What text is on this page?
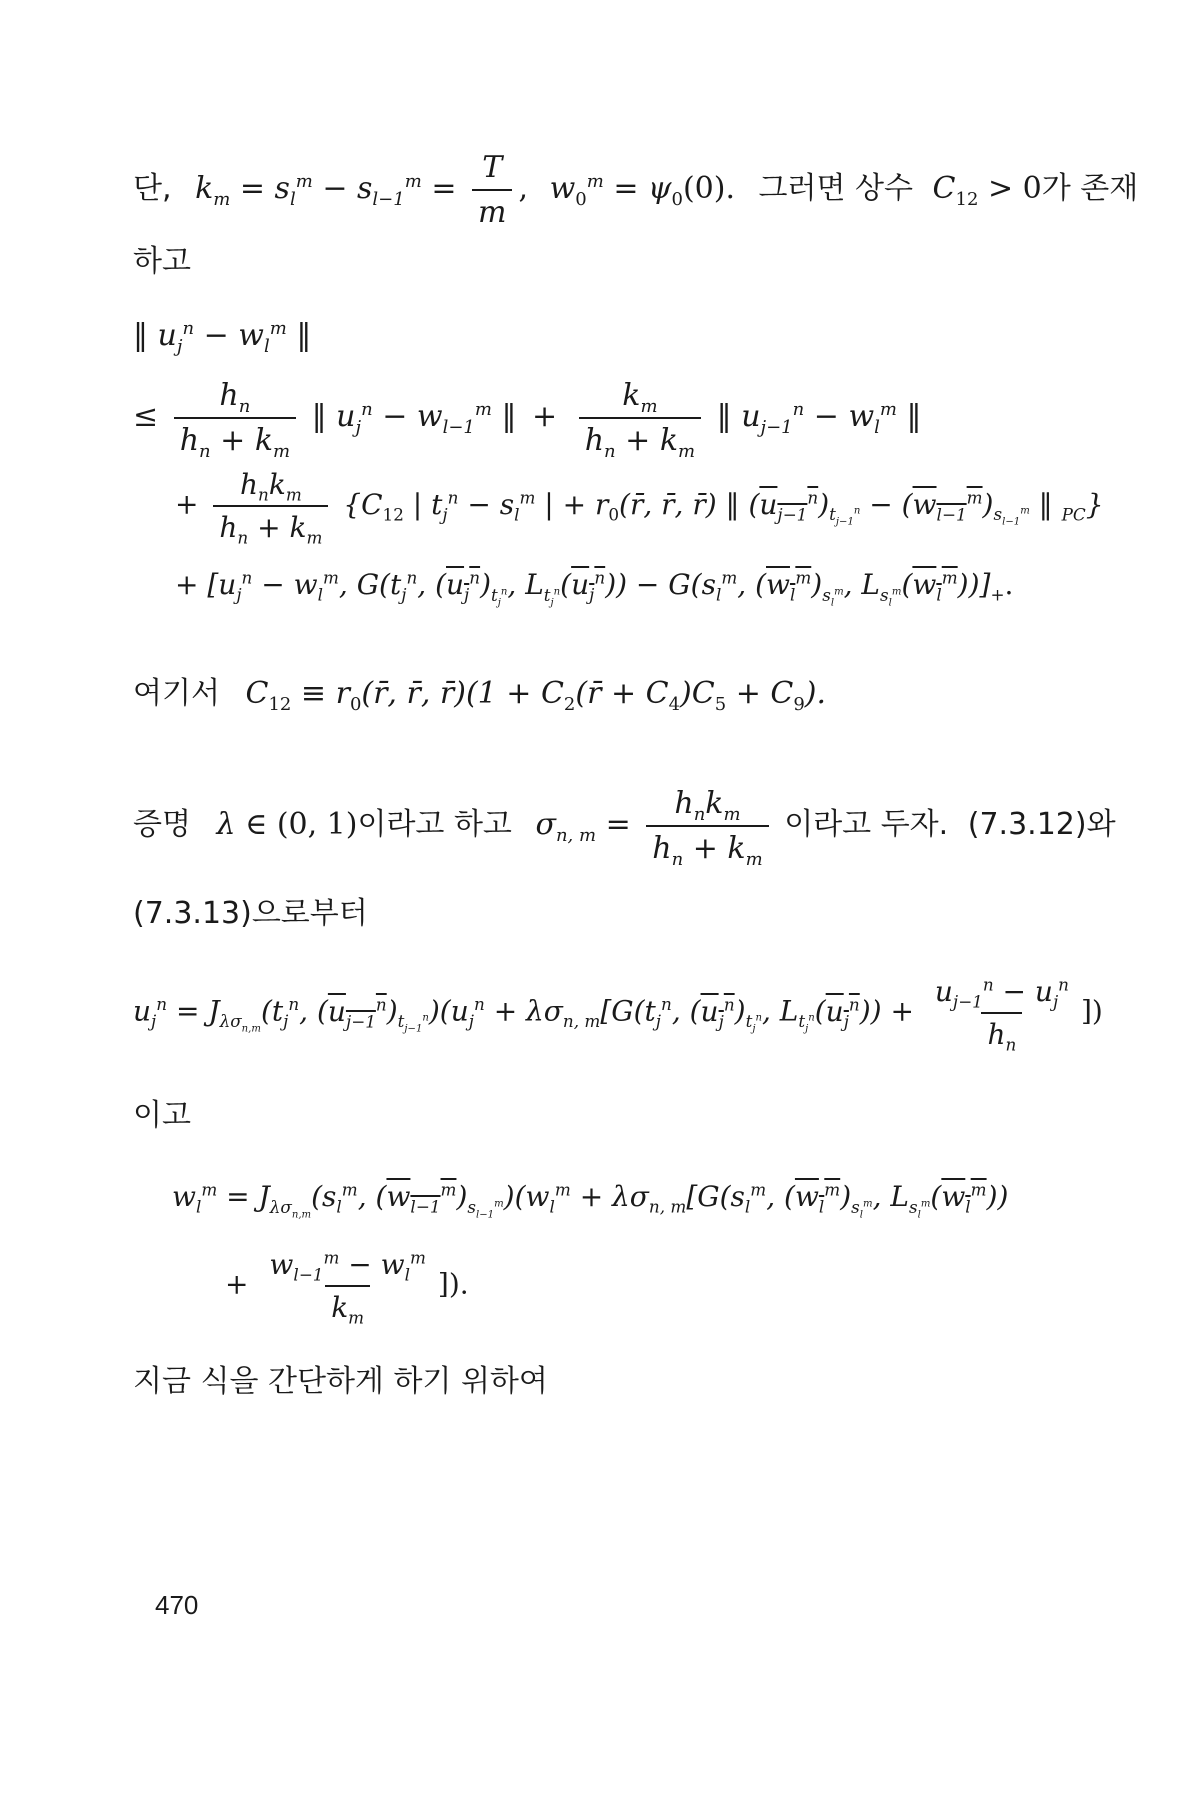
단, $k_m = s_l^m - s_{l-1}^m = \frac{T}{m}$ , $w_0^m = \psi_0(0)$. 그러면 상수 $C_{12} > 0$가 존재
하고
‖ $u_j^n - w_l^m$ ‖
≤ $\frac{h_n}{h_n + k_m}$ ‖ $u_j^n - w_{l-1}^m$ ‖ + $\frac{k_m}{h_n + k_m}$ ‖ $u_{j-1}^n - w_l^m$ ‖
+ $\frac{h_nk_m}{h_n + k_m} \{C_{12}$ | $t_j^n - s_l^m$ | + $r_0(r̄$, r̄, r̄) ‖ $(u_{j-1}^n)_{t_{j-1}^n} - (w_{l-1}^m)_{s_{l-1}^m}$ ‖ $_{PC}$}
+ [$u_j^n - w_l^m$, $G(t_j^n$, $(u_j^n)_{t_j^n}$, $L_{t_j^n}(u_j^n)) - G(s_l^m$, $(w_l^m)_{s_l^m}$, $L_{s_l^m}(w_l^m))]_+$.
여기서 $C_{12}$ ≡ $r_0(r̄$, r̄, r̄)(1 + $C_2(r̄ + C_4)C_5 + C_9$).
증명 λ ∈ (0, 1)이라고 하고 $\sigma_{n, m} = \frac{h_nk_m}{h_n + k_m}$ 이라고 두자. (7.3.12)와
(7.3.13)으로부터
$u_j^n = J_{\lambda\sigma_{n,m}}(t_j^n$, $(u_{j-1}^n)_{t_{j-1}^n})(u_j^n + \lambda\sigma_{n, m}[G(t_j^n$, $(u_j^n)_{t_j^n}$, $L_{t_j^n}(u_j^n)) + \frac{u_{j-1}^n - u_j^n}{h_n}$ ])
이고
$w_l^m = J_{\lambda\sigma_{n,m}}(s_l^m$, $(w_{l-1}^m)_{s_{l-1}^m})(w_l^m + \lambda\sigma_{n, m}[G(s_l^m$, $(w_l^m)_{s_l^m}$, $L_{s_l^m}(w_l^m)$)
+ $\frac{w_{l-1}^m - w_l^m}{k_m}$ ]).
지금 식을 간단하게 하기 위하여
470
